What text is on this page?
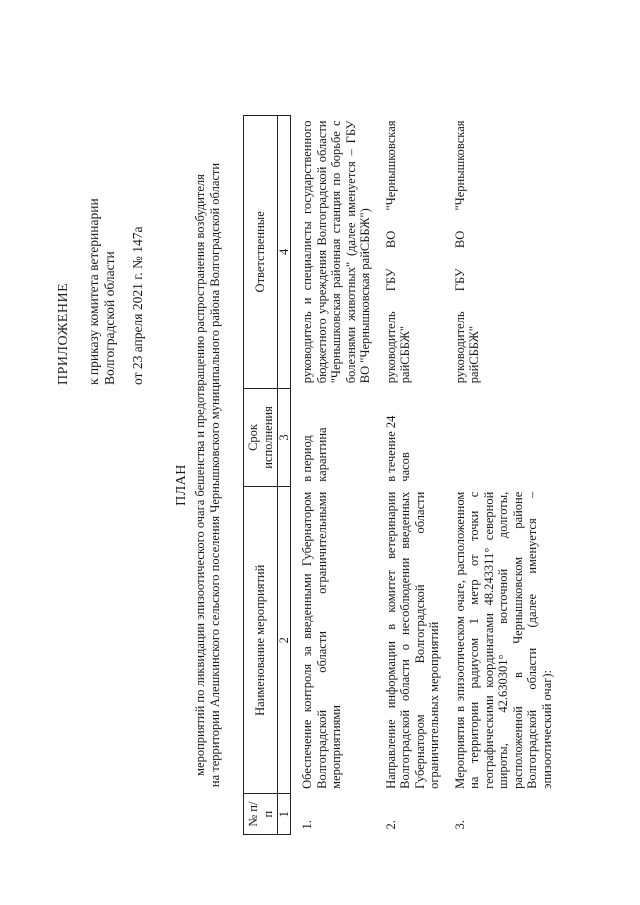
ПРИЛОЖЕНИЕ к приказу комитета ветеринарии Волгоградской области от 23 апреля 2021 г. № 147а

ПЛАН мероприятий по ликвидации эпизоотического очага бешенства и предотвращению распространения возбудителя на территории Алешкинского сельского поселения Чернышковского муниципального района Волгоградской области
№ п/п	Наименование мероприятий	Срок исполнения	Ответственные
1	2	3	4
1.	Обеспечение контроля за введенными Губернатором Волгоградской области ограничительными мероприятиями	в период карантина	руководитель и специалисты государственного бюджетного учреждения Волгоградской области "Чернышковская районная станция по борьбе с болезнями животных" (далее именуется – ГБУ ВО "Чернышковская райСББЖ")
2.	Направление информации в комитет ветеринарии Волгоградской области о несоблюдении введенных Губернатором Волгоградской области ограничительных мероприятий	в течение 24 часов	руководитель ГБУ ВО "Чернышковская райСББЖ"
3.	Мероприятия в эпизоотическом очаге, расположенном на территории радиусом 1 метр от точки с географическими координатами 48.243311° северной широты, 42.630301° восточной долготы, расположенной в Чернышковском районе Волгоградской области (далее именуется – эпизоотический очаг):		руководитель ГБУ ВО "Чернышковская райСББЖ"
